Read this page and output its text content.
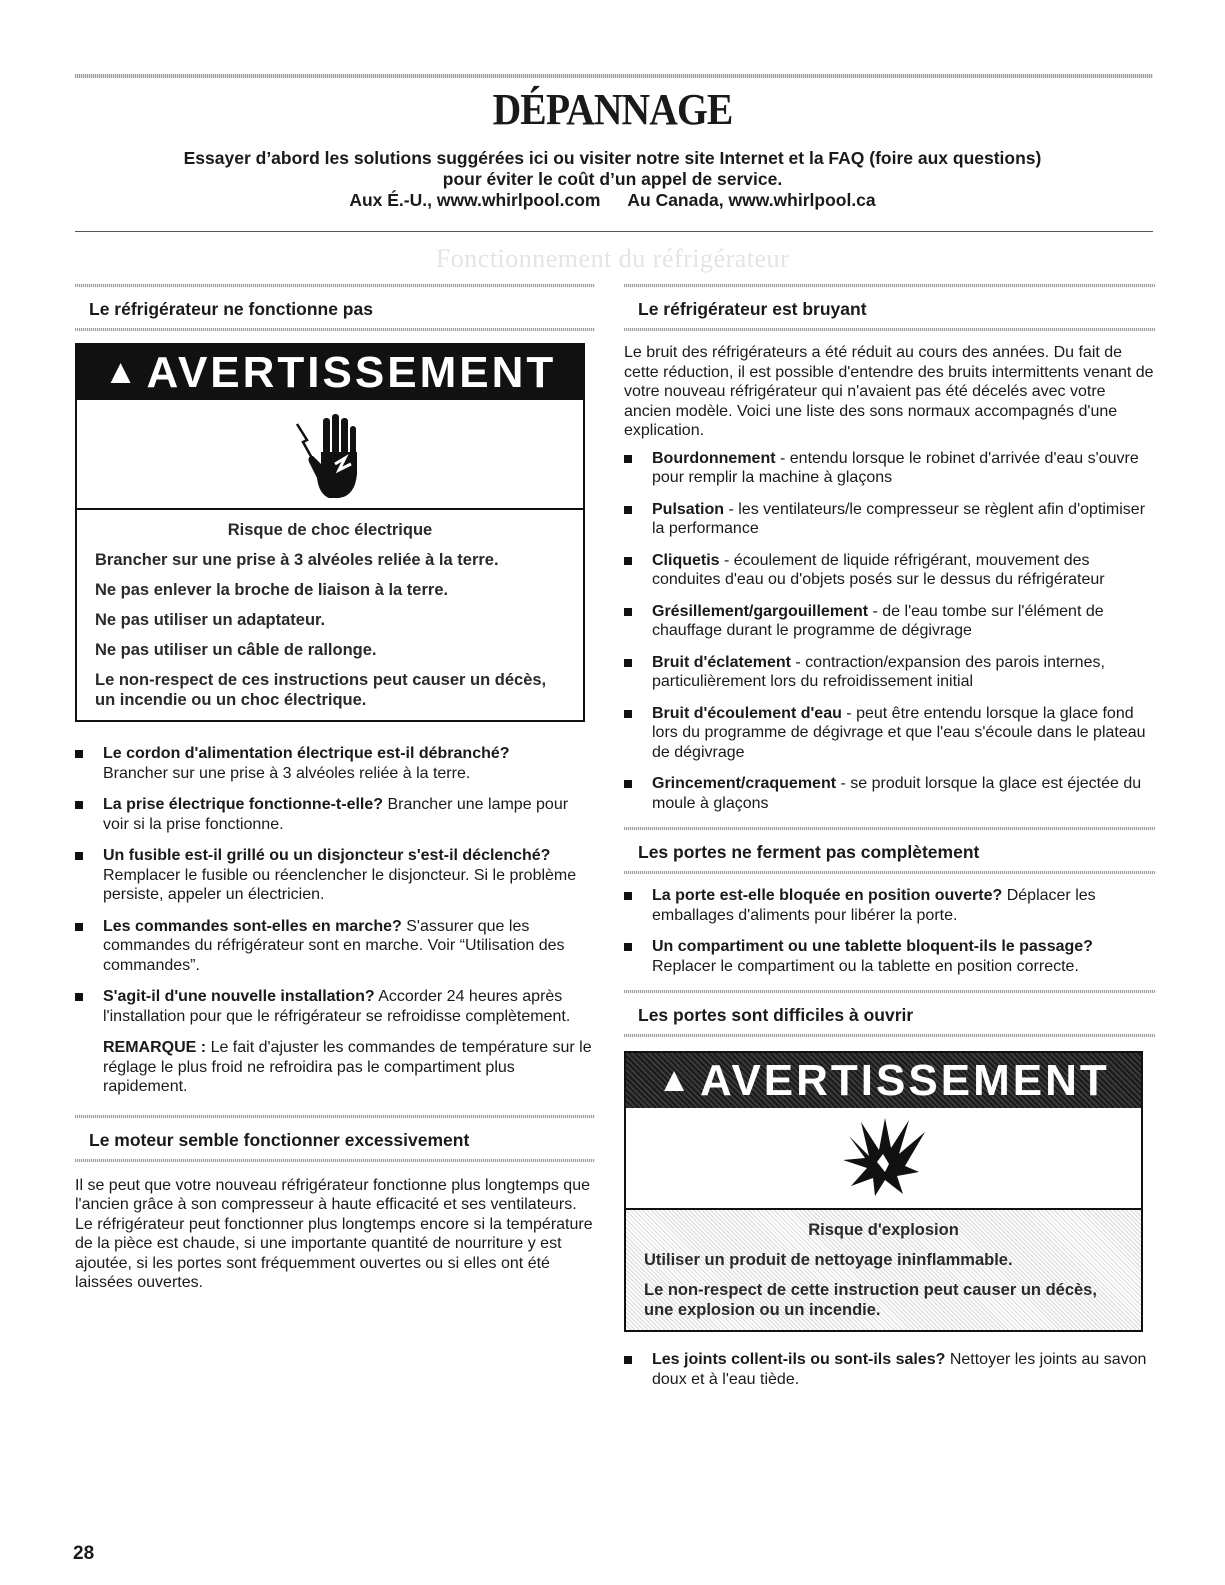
DÉPANNAGE
Essayer d’abord les solutions suggérées ici ou visiter notre site Internet et la FAQ (foire aux questions)
pour éviter le coût d’un appel de service.
Aux É.-U., www.whirlpool.com Au Canada, www.whirlpool.ca
Fonctionnement du réfrigérateur
Le réfrigérateur ne fonctionne pas
▲ AVERTISSEMENT

Risque de choc électrique

Brancher sur une prise à 3 alvéoles reliée à la terre.

Ne pas enlever la broche de liaison à la terre.

Ne pas utiliser un adaptateur.

Ne pas utiliser un câble de rallonge.

Le non-respect de ces instructions peut causer un décès, un incendie ou un choc électrique.

Le cordon d'alimentation électrique est-il débranché?
Brancher sur une prise à 3 alvéoles reliée à la terre.
La prise électrique fonctionne-t-elle? Brancher une lampe pour voir si la prise fonctionne.
Un fusible est-il grillé ou un disjoncteur s'est-il déclenché? Remplacer le fusible ou réenclencher le disjoncteur. Si le problème persiste, appeler un électricien.
Les commandes sont-elles en marche? S'assurer que les commandes du réfrigérateur sont en marche. Voir “Utilisation des commandes”.
S'agit-il d'une nouvelle installation? Accorder 24 heures après l'installation pour que le réfrigérateur se refroidisse complètement.
REMARQUE : Le fait d'ajuster les commandes de température sur le réglage le plus froid ne refroidira pas le compartiment plus rapidement.
Le moteur semble fonctionner excessivement

Il se peut que votre nouveau réfrigérateur fonctionne plus longtemps que l'ancien grâce à son compresseur à haute efficacité et ses ventilateurs. Le réfrigérateur peut fonctionner plus longtemps encore si la température de la pièce est chaude, si une importante quantité de nourriture y est ajoutée, si les portes sont fréquemment ouvertes ou si elles ont été laissées ouvertes.

Le réfrigérateur est bruyant

Le bruit des réfrigérateurs a été réduit au cours des années. Du fait de cette réduction, il est possible d'entendre des bruits intermittents venant de votre nouveau réfrigérateur qui n'avaient pas été décelés avec votre ancien modèle. Voici une liste des sons normaux accompagnés d'une explication.

Bourdonnement - entendu lorsque le robinet d'arrivée d'eau s'ouvre pour remplir la machine à glaçons
Pulsation - les ventilateurs/le compresseur se règlent afin d'optimiser la performance
Cliquetis - écoulement de liquide réfrigérant, mouvement des conduites d'eau ou d'objets posés sur le dessus du réfrigérateur
Grésillement/gargouillement - de l'eau tombe sur l'élément de chauffage durant le programme de dégivrage
Bruit d'éclatement - contraction/expansion des parois internes, particulièrement lors du refroidissement initial
Bruit d'écoulement d'eau - peut être entendu lorsque la glace fond lors du programme de dégivrage et que l'eau s'écoule dans le plateau de dégivrage
Grincement/craquement - se produit lorsque la glace est éjectée du moule à glaçons
Les portes ne ferment pas complètement
La porte est-elle bloquée en position ouverte? Déplacer les emballages d'aliments pour libérer la porte.
Un compartiment ou une tablette bloquent-ils le passage? Replacer le compartiment ou la tablette en position correcte.
Les portes sont difficiles à ouvrir
▲ AVERTISSEMENT

Risque d'explosion

Utiliser un produit de nettoyage ininflammable.

Le non-respect de cette instruction peut causer un décès, une explosion ou un incendie.

Les joints collent-ils ou sont-ils sales? Nettoyer les joints au savon doux et à l'eau tiède.
28
